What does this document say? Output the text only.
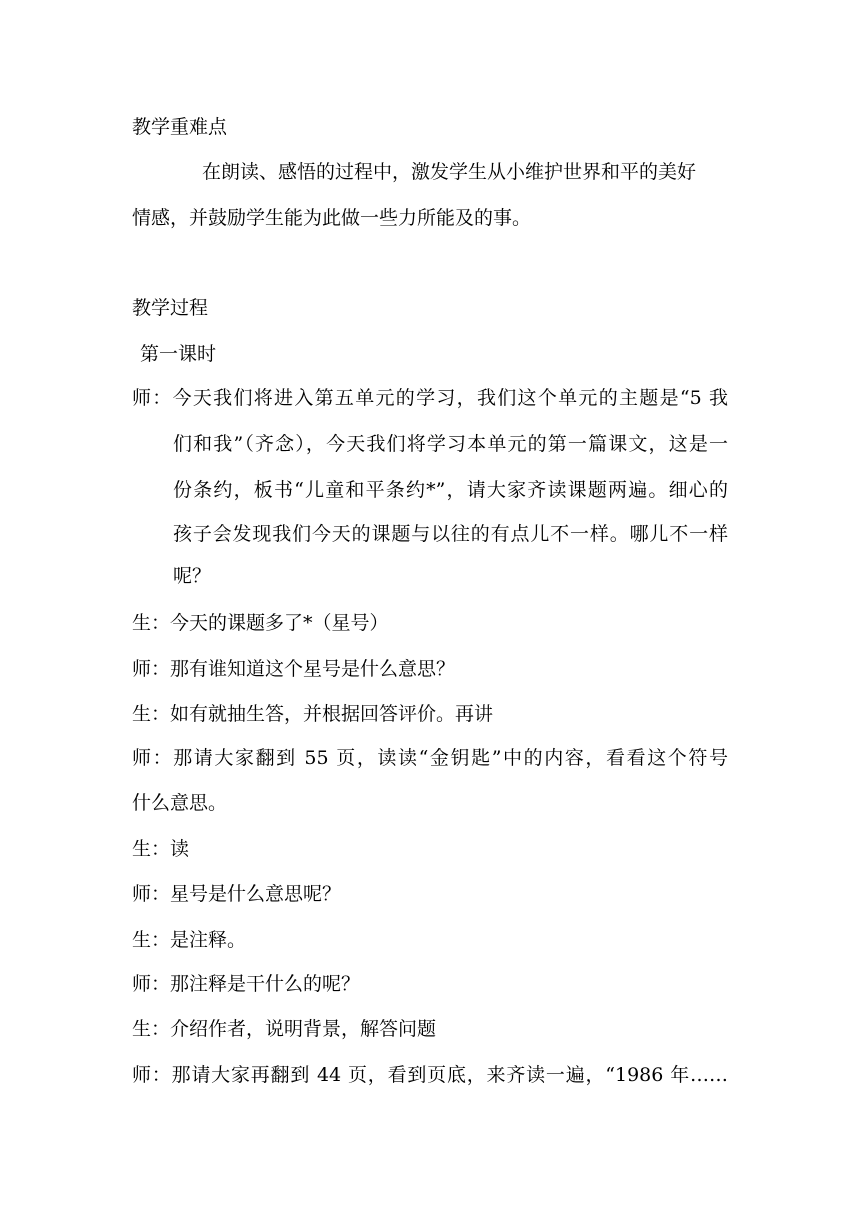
教学重难点
在朗读、感悟的过程中，激发学生从小维护世界和平的美好
情感，并鼓励学生能为此做一些力所能及的事。
教学过程
第一课时
师：今天我们将进入第五单元的学习，我们这个单元的主题是“5 我
们和我”（齐念），今天我们将学习本单元的第一篇课文，这是一
份条约，板书“儿童和平条约*”，请大家齐读课题两遍。细心的
孩子会发现我们今天的课题与以往的有点儿不一样。哪儿不一样
呢？
生：今天的课题多了*（星号）
师：那有谁知道这个星号是什么意思？
生：如有就抽生答，并根据回答评价。再讲
师：那请大家翻到 55 页，读读“金钥匙”中的内容，看看这个符号
什么意思。
生：读
师：星号是什么意思呢？
生：是注释。
师：那注释是干什么的呢？
生：介绍作者，说明背景，解答问题
师：那请大家再翻到 44 页，看到页底，来齐读一遍，“1986 年……
